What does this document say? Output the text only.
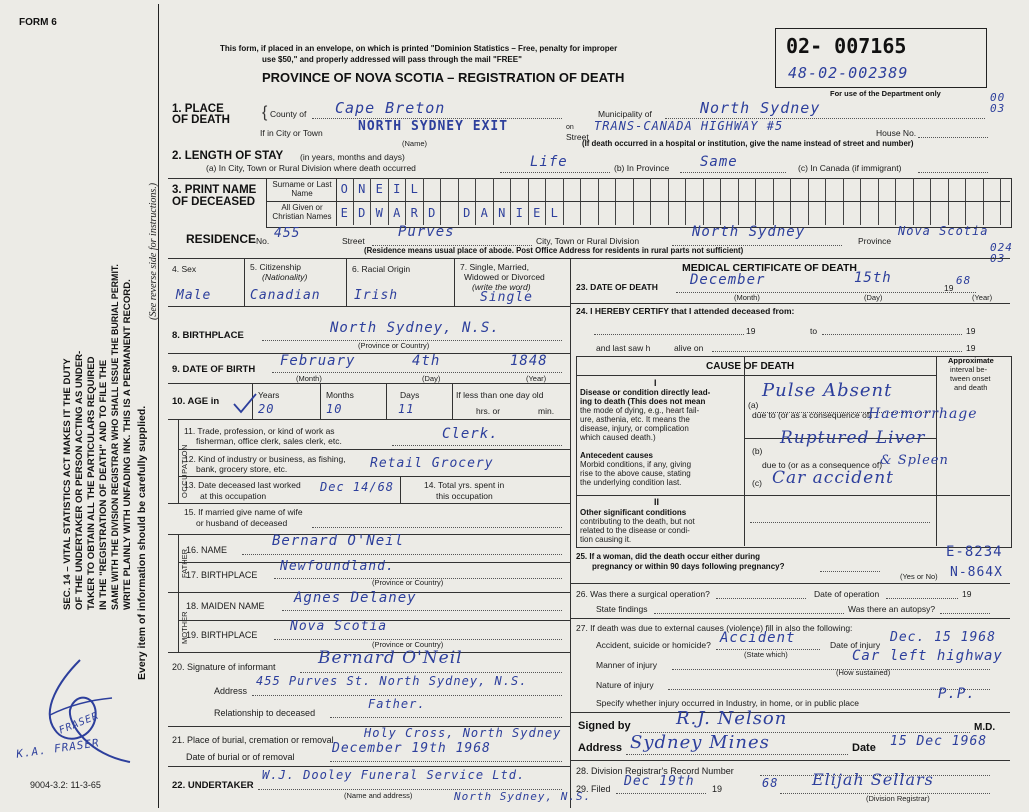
FORM 6
This form, if placed in an envelope, on which is printed "Dominion Statistics – Free, penalty for improper
use $50," and properly addressed will pass through the mail "FREE"
PROVINCE OF NOVA SCOTIA – REGISTRATION OF DEATH
02- 007165
48-02-002389
For use of the Department only	00 03
SEC. 14 – VITAL STATISTICS ACT MAKES IT THE DUTY OF THE UNDERTAKER OR PERSON ACTING AS UNDER- TAKER TO OBTAIN ALL THE PARTICULARS REQUIRED IN THE "REGISTRATION OF DEATH" AND TO FILE THE SAME WITH THE DIVISION REGISTRAR WHO SHALL ISSUE THE BURIAL PERMIT. WRITE PLAINLY WITH UNFADING INK. THIS IS A PERMANENT RECORD. Every item of information should be carefully supplied.
(See reverse side for instructions.)
FRASER
K.A. FRASER
9004-3.2: 11-3-65
1. PLACE OF DEATH { County of Cape Breton	Municipality of	North Sydney
If in City or Town	NORTH SYDNEY EXIT	on
Street
TRANS-CANADA HIGHWAY #5	House No.
(Name)	(If death occurred in a hospital or institution, give the name instead of street and number)
2. LENGTH OF STAY (in years, months and days)
(a) In City, Town or Rural Division where death occurred	Life	(b) In Province Same	(c) In Canada (if immigrant)
3. PRINT NAME OF DECEASED
Surname or Last Name
All Given or Christian Names
O N E I L
E D W A R D	D A N I E L
RESIDENCE No. 455	Street
Purves
City, Town or Rural Division
North Sydney
Province
Nova Scotia
(Residence means usual place of abode. Post Office Address for residents in rural parts not sufficient)	024 03
4. Sex
Male
5. Citizenship
(Nationality)
Canadian
6. Racial Origin
Irish
7. Single, Married,
Widowed or Divorced
(write the word)
Single
8. BIRTHPLACE	North Sydney, N.S.
(Province or Country)
9. DATE OF BIRTH
February	4th	1848
(Month)	(Day)	(Year)
10. AGE in
Years	Months	Days
20	10	11
If less than one day old
hrs. or	min.
OCCUPATION
11. Trade, profession, or kind of work as
fisherman, office clerk, sales clerk, etc.	Clerk.
12. Kind of industry or business, as fishing,
bank, grocery store, etc.	Retail Grocery
13. Date deceased last worked
at this occupation
Dec 14/68	14. Total yrs. spent in
this occupation
15. If married give name of wife
or husband of deceased
FATHER
16. NAME
Bernard O'Neil
17. BIRTHPLACE
Newfoundland.
(Province or Country)
MOTHER
18. MAIDEN NAME Agnes Delaney
19. BIRTHPLACE
Nova Scotia
(Province or Country)
20. Signature of informant Bernard O'Neil
Address
455 Purves St. North Sydney, N.S.
Relationship to deceased
Father.
21. Place of burial, cremation or removal	Holy Cross, North Sydney
Date of burial or of removal
December 19th 1968
22. UNDERTAKER
W.J. Dooley Funeral Service Ltd.
(Name and address)	North Sydney, N.S.
MEDICAL CERTIFICATE OF DEATH
23. DATE OF DEATH December	15th
19
68
(Month)	(Day)	(Year)
24. I HEREBY CERTIFY that I attended deceased from:
19	to	19
and last saw h	alive on	19
CAUSE OF DEATH
Approximate
interval be-
tween onset
and death
I
Disease or condition directly lead-
ing to death (This does not mean
the mode of dying, e.g., heart fail-
ure, asthenia, etc. It means the
disease, injury, or complication
which caused death.)
(a)
Pulse Absent
due to (or as a consequence of)
Haemorrhage
(b)
Ruptured Liver
due to (or as a consequence of)
& Spleen
(c) Car accident
Antecedent causes
Morbid conditions, if any, giving
rise to the above cause, stating
the underlying condition last.
II
Other significant conditions
contributing to the death, but not
related to the disease or condi-
tion causing it.
25. If a woman, did the death occur either during
pregnancy or within 90 days following pregnancy?
(Yes or No)
E-8234
N-864X
26. Was there a surgical operation?	Date of operation	19
State findings	Was there an autopsy?
27. If death was due to external causes (violence) fill in also the following:
Accident, suicide or homicide? Accident
(State which)
Date of injury Dec. 15 1968
Manner of injury
Car left highway
(How sustained)
Nature of injury
Specify whether injury occurred in Industry, in home, or in public place
P.P.
Signed by	R.J. Nelson	M.D.
Address Sydney Mines	Date 15 Dec 1968
28. Division Registrar's Record Number
29. Filed Dec 19th 19	68 Elijah Sellars
(Division Registrar)
